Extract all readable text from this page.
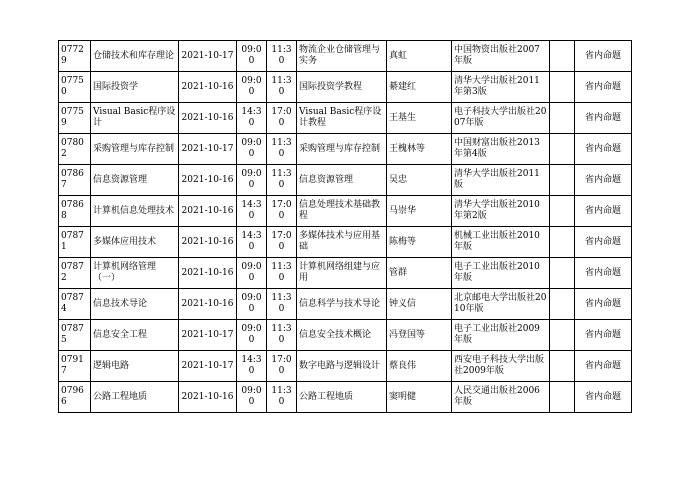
07729	仓储技术和库存理论	2021-10-17	09:00	11:30	物流企业仓储管理与实务	真虹	中国物资出版社2007年版		省内命题
07750	国际投资学	2021-10-16	09:00	11:30	国际投资学教程	綦建红	清华大学出版社2011年第3版		省内命题
07759	Visual Basic程序设计	2021-10-16	14:30	17:00	Visual Basic程序设计教程	王基生	电子科技大学出版社2007年版		省内命题
07802	采购管理与库存控制	2021-10-17	09:00	11:30	采购管理与库存控制	王槐林等	中国财富出版社2013年第4版		省内命题
07867	信息资源管理	2021-10-16	09:00	11:30	信息资源管理	吴忠	清华大学出版社2011版		省内命题
07868	计算机信息处理技术	2021-10-16	14:30	17:00	信息处理技术基础教程	马崇华	清华大学出版社2010年第2版		省内命题
07871	多媒体应用技术	2021-10-16	14:30	17:00	多媒体技术与应用基础	陈梅等	机械工业出版社2010年版		省内命题
07872	计算机网络管理（一）	2021-10-16	09:00	11:30	计算机网络组建与应用	管群	电子工业出版社2010年版		省内命题
07874	信息技术导论	2021-10-16	09:00	11:30	信息科学与技术导论	钟义信	北京邮电大学出版社2010年版		省内命题
07875	信息安全工程	2021-10-17	09:00	11:30	信息安全技术概论	冯登国等	电子工业出版社2009年版		省内命题
07917	逻辑电路	2021-10-17	14:30	17:00	数字电路与逻辑设计	蔡良伟	西安电子科技大学出版社2009年版		省内命题
07966	公路工程地质	2021-10-16	09:00	11:30	公路工程地质	窦明健	人民交通出版社2006年版		省内命题
